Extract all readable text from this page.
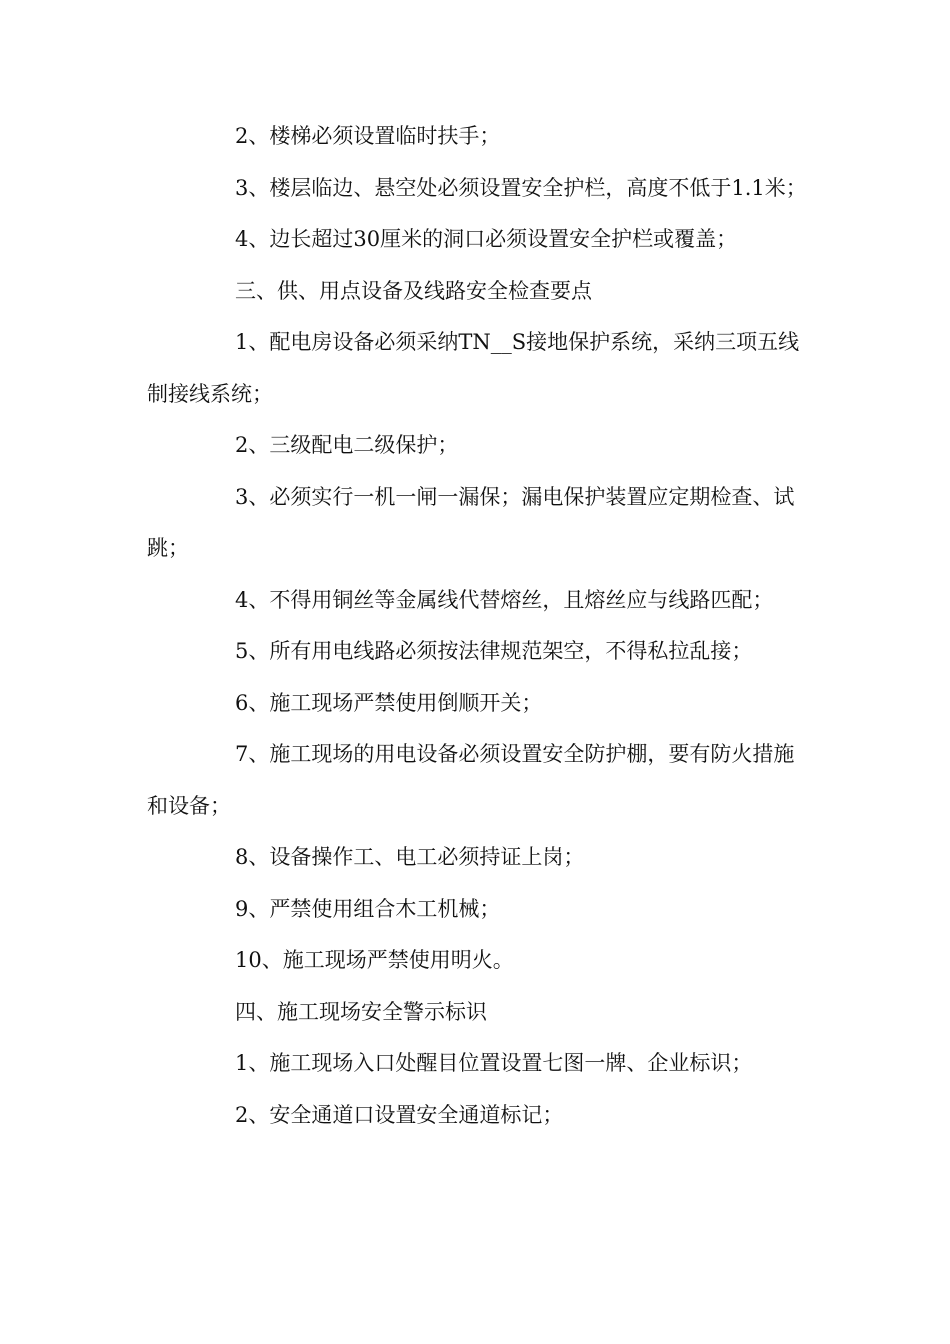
2、楼梯必须设置临时扶手；

3、楼层临边、悬空处必须设置安全护栏，高度不低于1.1米；

4、边长超过30厘米的洞口必须设置安全护栏或覆盖；

三、供、用点设备及线路安全检查要点

1、配电房设备必须采纳TN__S接地保护系统，采纳三项五线制接线系统；

2、三级配电二级保护；

3、必须实行一机一闸一漏保；漏电保护装置应定期检查、试跳；

4、不得用铜丝等金属线代替熔丝，且熔丝应与线路匹配；

5、所有用电线路必须按法律规范架空，不得私拉乱接；

6、施工现场严禁使用倒顺开关；

7、施工现场的用电设备必须设置安全防护棚，要有防火措施和设备；

8、设备操作工、电工必须持证上岗；

9、严禁使用组合木工机械；

10、施工现场严禁使用明火。

四、施工现场安全警示标识

1、施工现场入口处醒目位置设置七图一牌、企业标识；

2、安全通道口设置安全通道标记；
